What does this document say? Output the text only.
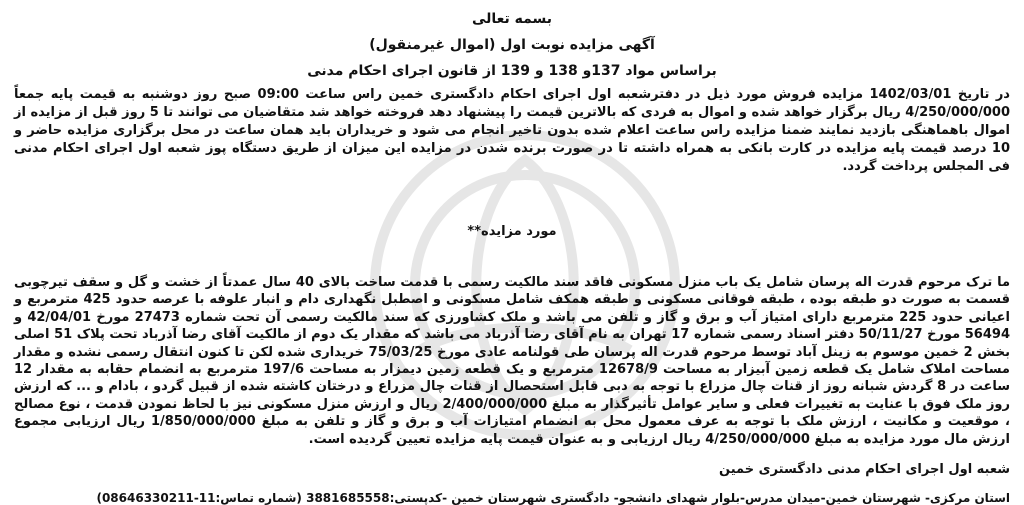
بسمه تعالی
آگهی مزایده نوبت اول (اموال غیرمنقول)
براساس مواد 137و 138 و 139 از قانون اجرای احکام مدنی

در تاریخ 1402/03/01 مزایده فروش مورد ذیل در دفترشعبه اول اجرای احکام دادگستری خمین راس ساعت 09:00 صبح روز دوشنبه به قیمت پایه جمعاً 4/250/000/000 ریال برگزار خواهد شده و اموال به فردی که بالاترین قیمت را پیشنهاد دهد فروخته خواهد شد متقاضیان می توانند تا 5 روز قبل از مزایده از اموال باهماهنگی بازدید نمایند ضمنا مزایده راس ساعت اعلام شده بدون تاخیر انجام می شود و خریداران باید همان ساعت در محل برگزاری مزایده حاضر و 10 درصد قیمت پایه مزایده در کارت بانکی به همراه داشته تا در صورت برنده شدن در مزایده این میزان از طریق دستگاه پوز شعبه اول اجرای احکام مدنی فی المجلس پرداخت گردد.

مورد مزایده**

ما ترک مرحوم قدرت اله پرسان شامل یک باب منزل مسکونی فاقد سند مالکیت رسمی با قدمت ساخت بالای 40 سال عمدتاً از خشت و گل و سقف تیرچوبی قسمت به صورت دو طبقه بوده ، طبقه فوقانی مسکونی و طبقه همکف شامل مسکونی و اصطبل نگهداری دام و انبار علوفه با عرصه حدود 425 مترمربع و اعیانی حدود 225 مترمربع دارای امتیاز آب و برق و گاز و تلفن می باشد و ملک کشاورزی که سند مالکیت رسمی آن تحت شماره 27473 مورخ 42/04/01 و 56494 مورخ 50/11/27 دفتر اسناد رسمی شماره 17 تهران به نام آقای رضا آذرباد می باشد که مقدار یک دوم از مالکیت آقای رضا آذرباد تحت پلاک 51 اصلی بخش 2 خمین موسوم به زینل آباد توسط مرحوم قدرت اله پرسان طی قولنامه عادی مورخ 75/03/25 خریداری شده لکن تا کنون انتقال رسمی نشده و مقدار مساحت املاک شامل یک قطعه زمین آبیزار به مساحت 12678/9 مترمربع و یک قطعه زمین دیمزار به مساحت 197/6 مترمربع به انضمام حقابه به مقدار 12 ساعت در 8 گردش شبانه روز از قنات چال مزراع با توجه به دبی قابل استحصال از قنات چال مزراع و درختان کاشته شده از قبیل گردو ، بادام و ... که ارزش روز ملک فوق با عنایت به تغییرات فعلی و سایر عوامل تأثیرگذار به مبلغ 2/400/000/000 ریال و ارزش منزل مسکونی نیز با لحاظ نمودن قدمت ، نوع مصالح ، موقعیت و مکانیت ، ارزش ملک با توجه به عرف معمول محل به انضمام امتیازات آب و برق و گاز و تلفن به مبلغ 1/850/000/000 ریال ارزیابی مجموع ارزش مال مورد مزایده به مبلغ 4/250/000/000 ریال ارزیابی و به عنوان قیمت پایه مزایده تعیین گردیده است.

شعبه اول اجرای احکام مدنی دادگستری خمین
استان مرکزی- شهرستان خمین-میدان مدرس-بلوار شهدای دانشجو- دادگستری شهرستان خمین -کدپستی:3881685558 (شماره تماس:11-08646330211)
